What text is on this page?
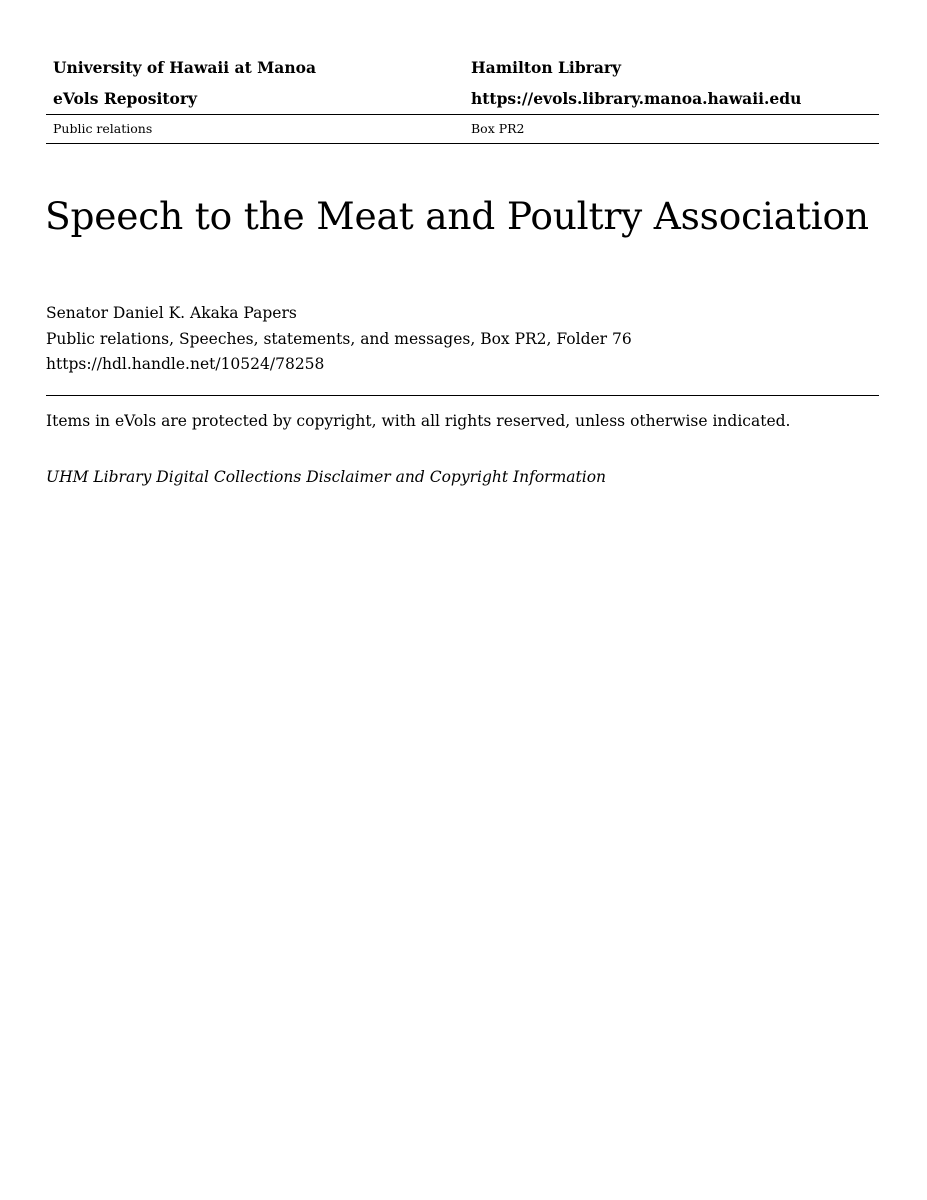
University of Hawaii at Manoa	Hamilton Library
eVols Repository	https://evols.library.manoa.hawaii.edu
Public relations	Box PR2
Speech to the Meat and Poultry Association
Senator Daniel K. Akaka Papers
Public relations, Speeches, statements, and messages, Box PR2, Folder 76
https://hdl.handle.net/10524/78258
Items in eVols are protected by copyright, with all rights reserved, unless otherwise indicated.
UHM Library Digital Collections Disclaimer and Copyright Information
